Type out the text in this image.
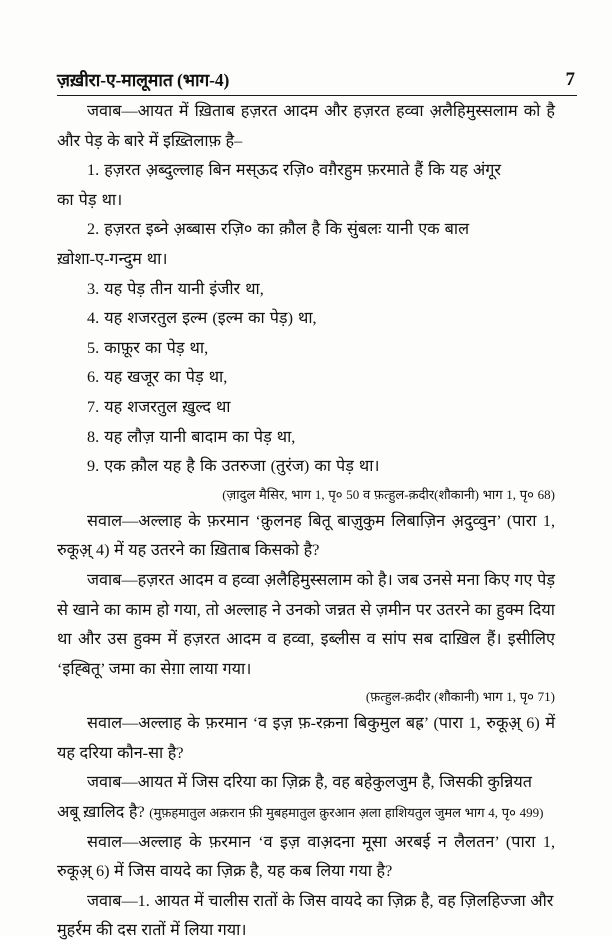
ज़ख़ीरा-ए-मालूमात (भाग-4)	7

जवाब—आयत में ख़िताब हज़रत आदम और हज़रत हव्वा अ़लैहिमुस्सलाम को है और पेड़ के बारे में इख़्तिलाफ़ है–

1. हज़रत अ़ब्दुल्लाह बिन मस्ऊद रज़ि० वग़ैरहुम फ़रमाते हैं कि यह अंगूर

का पेड़ था।

2. हज़रत इब्ने अ़ब्बास रज़ि० का क़ौल है कि सुंबलः यानी एक बाल

ख़ोशा-ए-गन्दुम था।

3. यह पेड़ तीन यानी इंजीर था,

4. यह शजरतुल इल्म (इल्म का पेड़) था,

5. काफ़ूर का पेड़ था,

6. यह खजूर का पेड़ था,

7. यह शजरतुल ख़ुल्द था

8. यह लौज़ यानी बादाम का पेड़ था,

9. एक क़ौल यह है कि उतरुजा (तुरंज) का पेड़ था।

(ज़ादुल मैसिर, भाग 1, पृ० 50 व फ़त्हुल-क़दीर(शौकानी) भाग 1, पृ० 68)

सवाल—अल्लाह के फ़रमान ‘क़ुलनह बितू बाज़ुकुम लिबाज़िन अ़दुव्वुन’ (पारा 1, रुकूअ़् 4) में यह उतरने का ख़िताब किसको है?

जवाब—हज़रत आदम व हव्वा अ़लैहिमुस्सलाम को है। जब उनसे मना किए गए पेड़ से खाने का काम हो गया, तो अल्लाह ने उनको जन्नत से ज़मीन पर उतरने का हुक्म दिया था और उस हुक्म में हज़रत आदम व हव्वा, इब्लीस व सांप सब दाख़िल हैं। इसीलिए ‘इह्बितू’ जमा का सेग़ा लाया गया।

(फ़त्हुल-क़दीर (शौकानी) भाग 1, पृ० 71)

सवाल—अल्लाह के फ़रमान ‘व इज़ फ़-रक़ना बिकुमुल बह्र’ (पारा 1, रुकूअ़् 6) में यह दरिया कौन-सा है?

जवाब—आयत में जिस दरिया का ज़िक्र है, वह बहेकुलजुम है, जिसकी कुन्नियत अबू ख़ालिद है? (मुफ़हमातुल अक़रान फ़ी मुबहमातुल क़ुरआन अ़ला हाशियतुल जुमल भाग 4, पृ० 499)

सवाल—अल्लाह के फ़रमान ‘व इज़ वाअ़दना मूसा अरबई न लैलतन’ (पारा 1, रुकूअ़् 6) में जिस वायदे का ज़िक्र है, यह कब लिया गया है?

जवाब—1. आयत में चालीस रातों के जिस वायदे का ज़िक्र है, वह ज़िलहिज्जा और मुहर्रम की दस रातों में लिया गया।
